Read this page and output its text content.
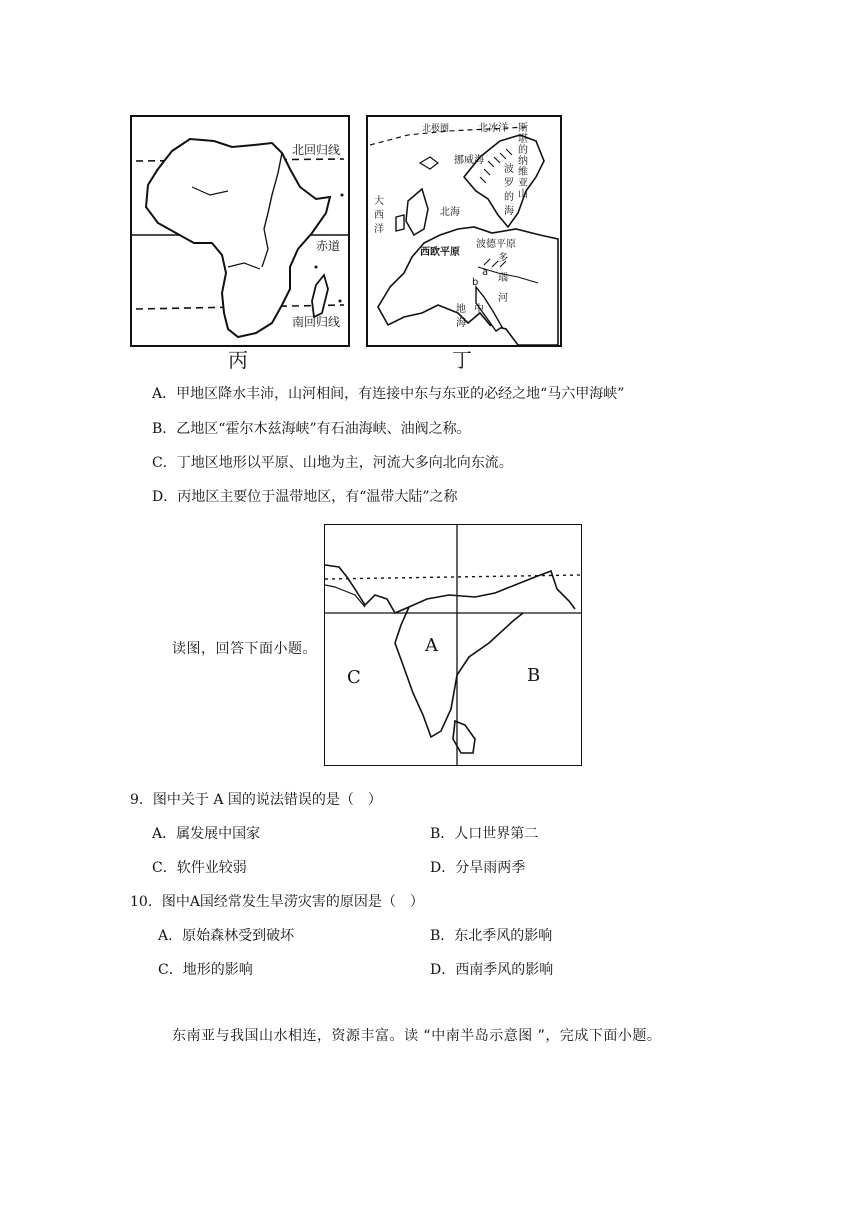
北回归线
赤道
南回归线
丙
北极圈	北冰洋
挪威海
大西洋
北海
斯堪的纳维亚山
波罗的海
西欧平原
波德平原
多瑙河
地中海
a
b
丁
A．甲地区降水丰沛，山河相间，有连接中东与东亚的必经之地“马六甲海峡”
B．乙地区“霍尔木兹海峡”有石油海峡、油阀之称。
C．丁地区地形以平原、山地为主，河流大多向北向东流。
D．丙地区主要位于温带地区，有“温带大陆”之称
读图，回答下面小题。	A
B
C
9．图中关于 A 国的说法错误的是（　）
A．属发展中国家	B．人口世界第二
C．软件业较弱	D．分旱雨两季
10．图中A国经常发生旱涝灾害的原因是（　）
A．原始森林受到破坏	B．东北季风的影响
C．地形的影响	D．西南季风的影响
东南亚与我国山水相连，资源丰富。读 “中南半岛示意图 ”，完成下面小题。
